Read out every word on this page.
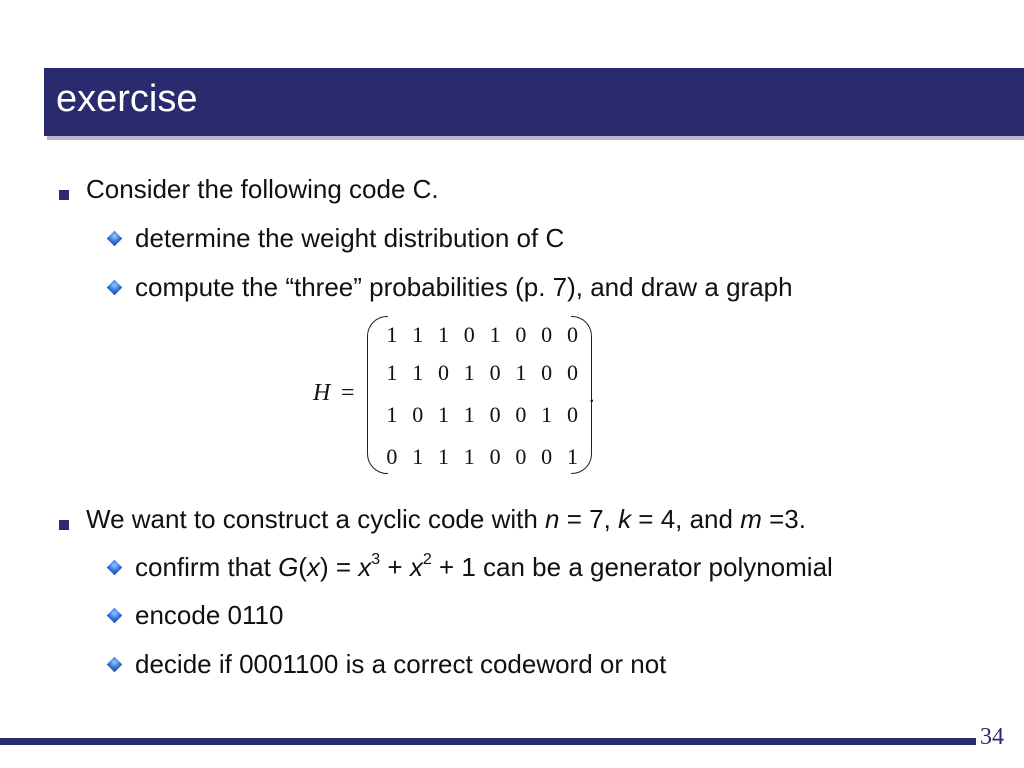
exercise
Consider the following code C.
determine the weight distribution of C
compute the “three” probabilities (p. 7), and draw a graph
H =
1 1 1 0 1 0 0 0
1 1 0 1 0 1 0 0
1 0 1 1 0 0 1 0
0 1 1 1 0 0 0 1
.
We want to construct a cyclic code with n = 7, k = 4, and m =3.
confirm that $G(x) = x^3 + x^2 + 1$ can be a generator polynomial
encode 0110
decide if 0001100 is a correct codeword or not
34
